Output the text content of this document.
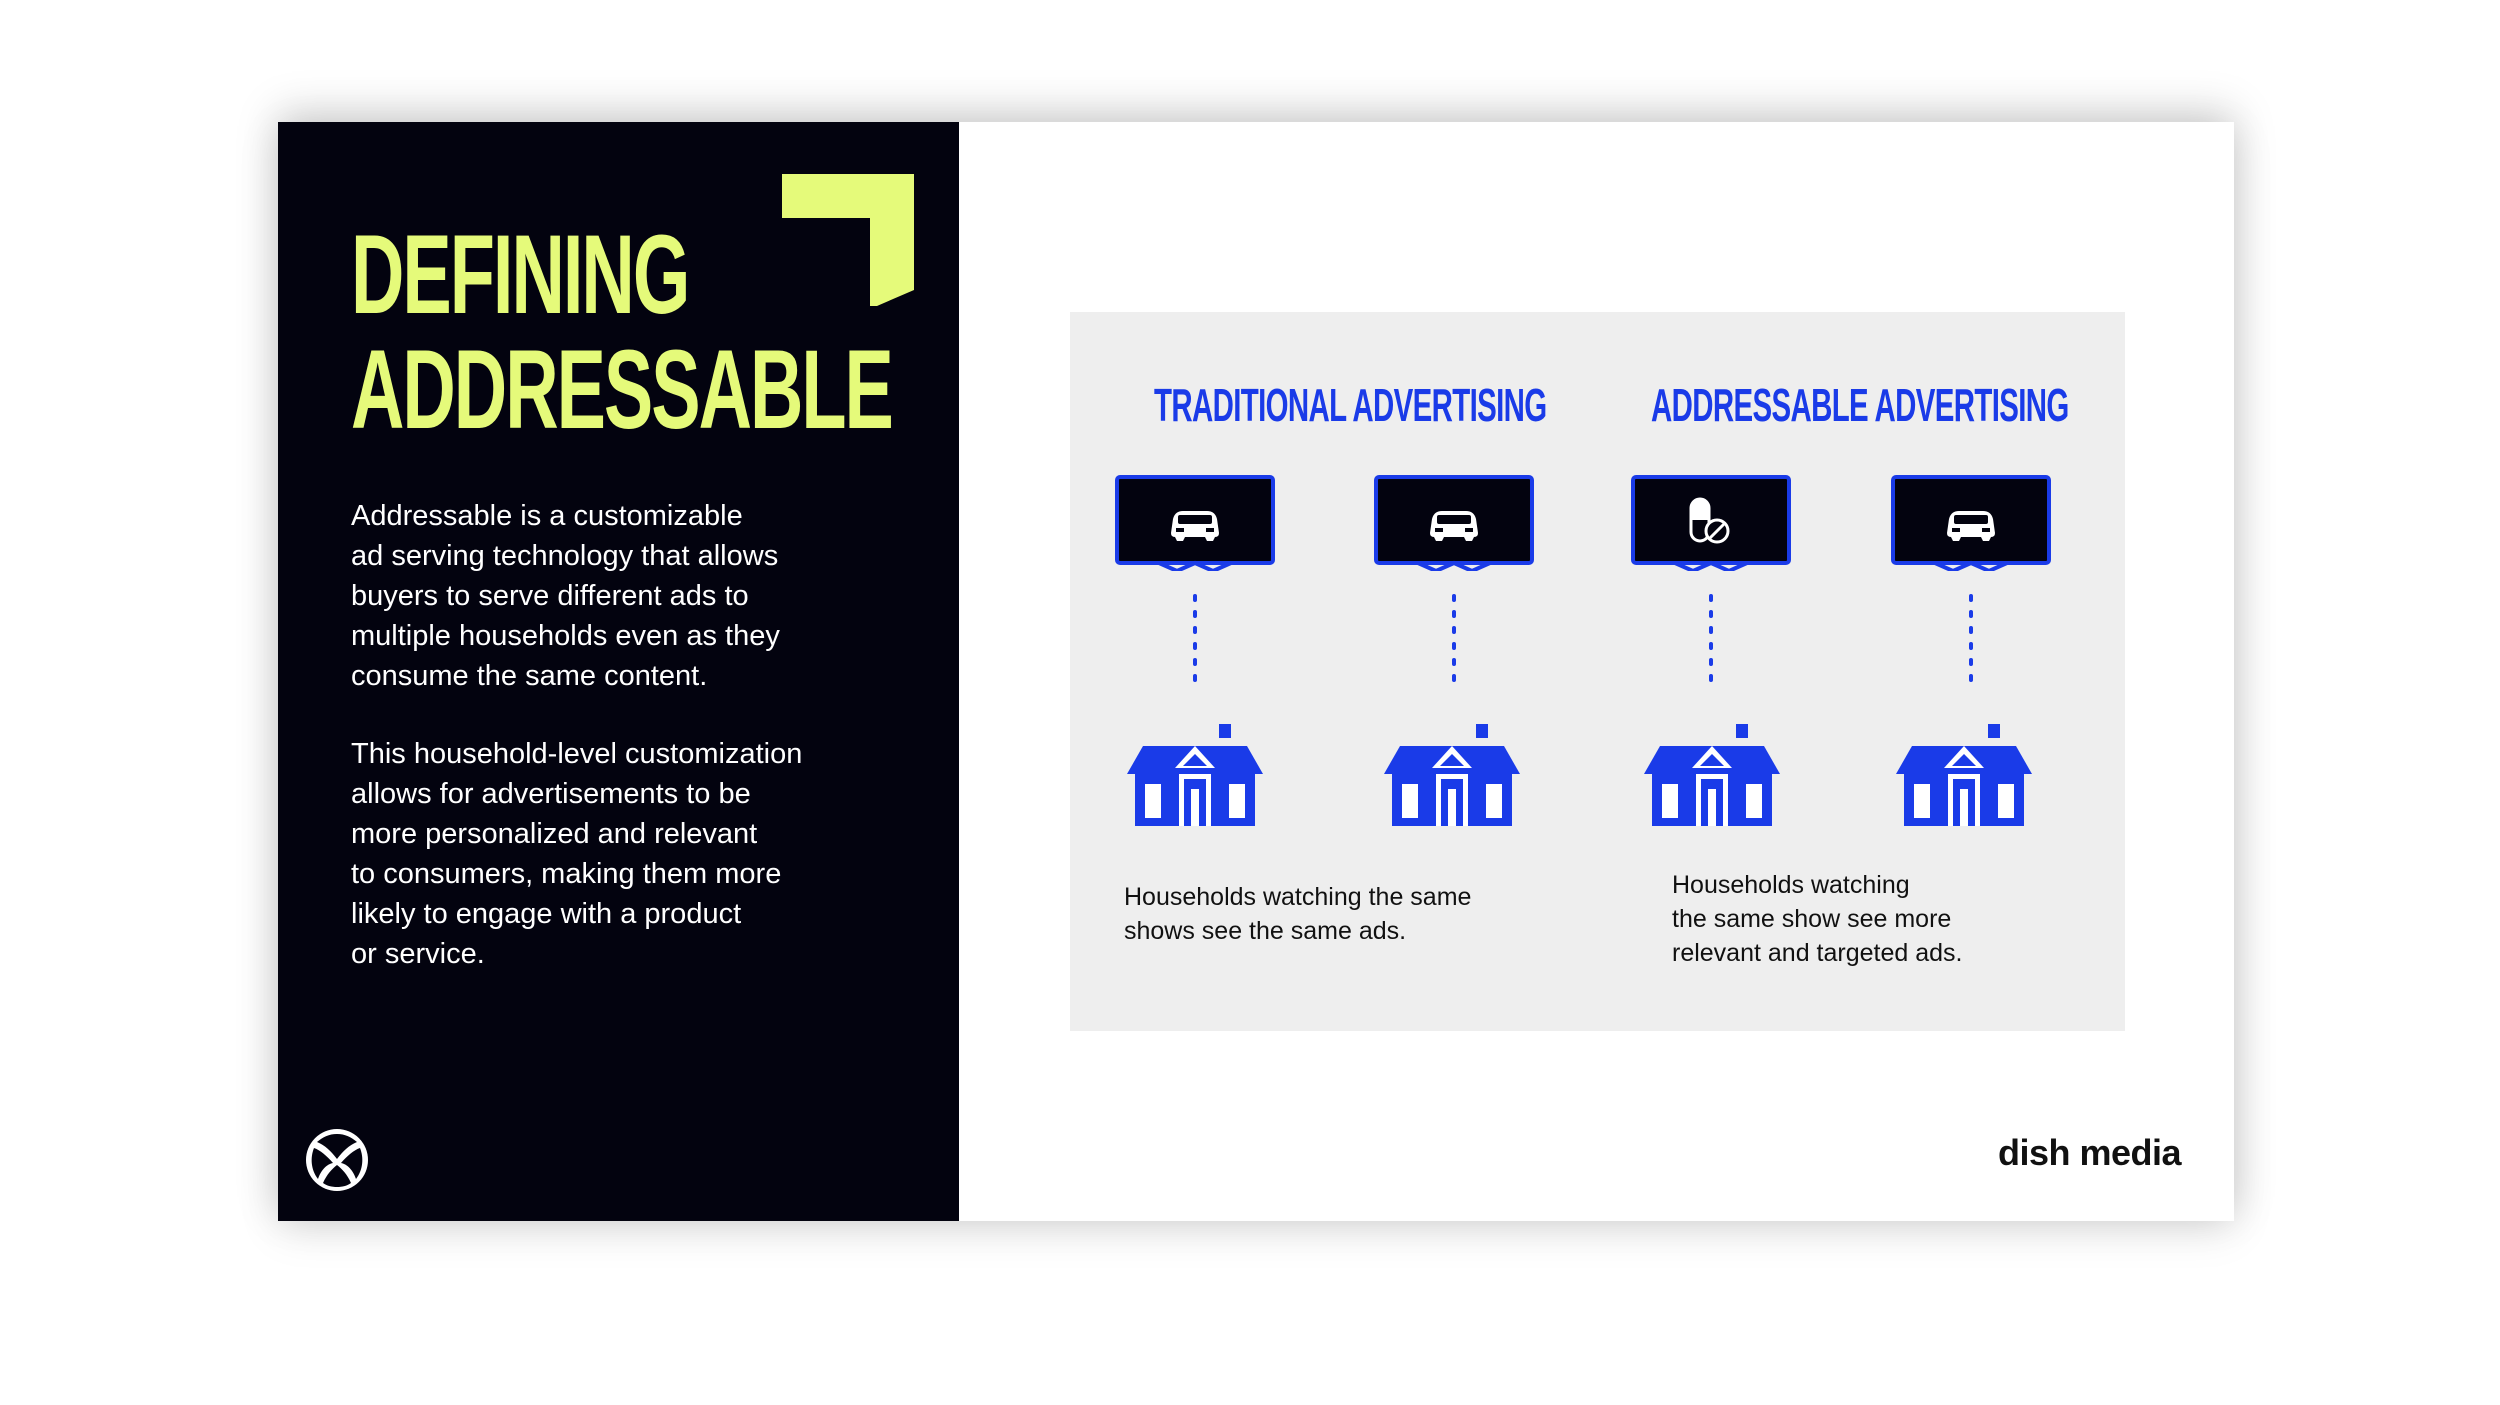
DEFINING
ADDRESSABLE

Addressable is a customizable
ad serving technology that allows
buyers to serve different ads to
multiple households even as they
consume the same content.

This household-level customization
allows for advertisements to be
more personalized and relevant
to consumers, making them more
likely to engage with a product
or service.

TRADITIONAL ADVERTISING ADDRESSABLE ADVERTISING

Households watching the same
shows see the same ads.

Households watching
the same show see more
relevant and targeted ads.

dish media
